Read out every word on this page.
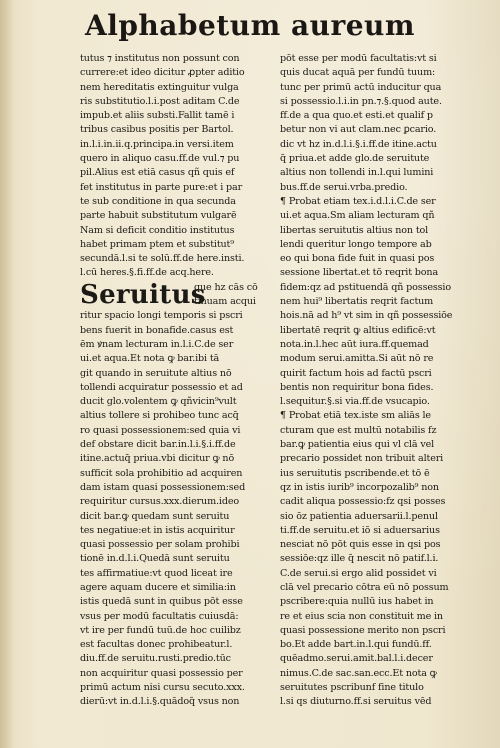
Alphabetum aureum
tutus ⁊ institutus non possunt con
currere:et ideo dicitur ꝓpter aditio
nem hereditatis extinguitur vulga
ris substitutio.l.i.post aditam C.de
impub.et aliis substi.Fallit tamē i
tribus casibus positis per Bartol.
in.l.i.in.ii.q.principa.in versi.item
quero in aliquo casu.ff.de vul.⁊ pu
pil.Alius est etiā casus qñ quis ef
fet institutus in parte pure:et i par
te sub conditione in qua secunda
parte habuit substitutum vulgarē
Nam si deficit conditio institutus
habet primam ptem et substitut⁹
secundā.l.si te solū.ff.de here.insti.
l.cū heres.§.fi.ff.de acq.here.
Seruitus
que hz cās cō
tinuam acqui
ritur spacio longi temporis si pscri
bens fuerit in bonafide.casus est
ēm ꝟnam lecturam in.l.i.C.de ser
ui.et aqua.Et nota ꝙ bar.ibi tā
git quando in seruitute altius nō
tollendi acquiratur possessio et ad
ducit glo.volentem ꝙ qñvicin⁹vult
altius tollere si prohibeo tunc acq̄
ro quasi possessionem:sed quia vi
def obstare dicit bar.in.l.i.§.i.ff.de
itine.actuq̄ priua.vbi dicitur ꝙ nō
sufficit sola prohibitio ad acquiren
dam istam quasi possessionem:sed
requiritur cursus.xxx.dierum.ideo
dicit bar.ꝙ quedam sunt seruitu
tes negatiue:et in istis acquiritur
quasi possessio per solam prohibi
tionē in.d.l.i.Quedā sunt seruitu
tes affirmatiue:vt quod liceat ire
agere aquam ducere et similia:in
istis quedā sunt in quibus pōt esse
vsus per modū facultatis cuiusdā:
vt ire per fundū tuū.de hoc cuilibz
est facultas donec prohibeatur.l.
diu.ff.de seruitu.rusti.predio.tūc
non acquiritur quasi possessio per
primū actum nisi cursu secuto.xxx.
dierū:vt in.d.l.i.§.quādoq̄ vsus non
pōt esse per modū facultatis:vt si
quis ducat aquā per fundū tuum:
tunc per primū actū inducitur qua
si possessio.l.i.in pn.⁊.§.quod aute.
ff.de a qua quo.et esti.et qualif p
betur non vi aut clam.nec ꝑcario.
dic vt hz in.d.l.i.§.i.ff.de itine.actu
q̄ priua.et adde glo.de seruitute
altius non tollendi in.l.qui lumini
bus.ff.de serui.vrba.predio.
¶ Probat etiam tex.i.d.l.i.C.de ser
ui.et aqua.Sm aliam lecturam qñ
libertas seruitutis altius non tol
lendi queritur longo tempore ab
eo qui bona fide fuit in quasi pos
sessione libertat.et tō reqrit bona
fidem:qz ad pstituendā qñ possessio
nem hui⁹ libertatis reqrit factum
hois.nā ad h⁹ vt sim in qñ possessiōe
libertatē reqrit ꝙ altius edificē:vt
nota.in.l.hec aūt iura.ff.quemad
modum serui.amitta.Si aūt nō re
quirit factum hois ad factū pscri
bentis non requiritur bona fides.
l.sequitur.§.si via.ff.de vsucapio.
¶ Probat etiā tex.iste sm aliās le
cturam que est multū notabilis fz
bar.ꝙ patientia eius qui vl clā vel
precario possidet non tribuit alteri
ius seruitutis pscribende.et tō ē
qz in istis iurib⁹ incorpozalib⁹ non
cadit aliqua possessio:fz qsi posses
sio ōz patientia aduersarii.l.penul
ti.ff.de seruitu.et iō si aduersarius
nesciat nō pōt quis esse in qsi pos
sessiōe:qz ille q̄ nescit nō patif.l.i.
C.de serui.si ergo alid possidet vi
clā vel precario cōtra eū nō possum
pscribere:quia nullū ius habet in
re et eius scia non constituit me in
quasi possessione merito non pscri
bo.Et adde bart.in.l.qui fundū.ff.
quēadmo.serui.amit.bal.l.i.decer
nimus.C.de sac.san.ecc.Et nota ꝙ
seruitutes pscribunf fine titulo
l.si qs diuturno.ff.si seruitus vēd
